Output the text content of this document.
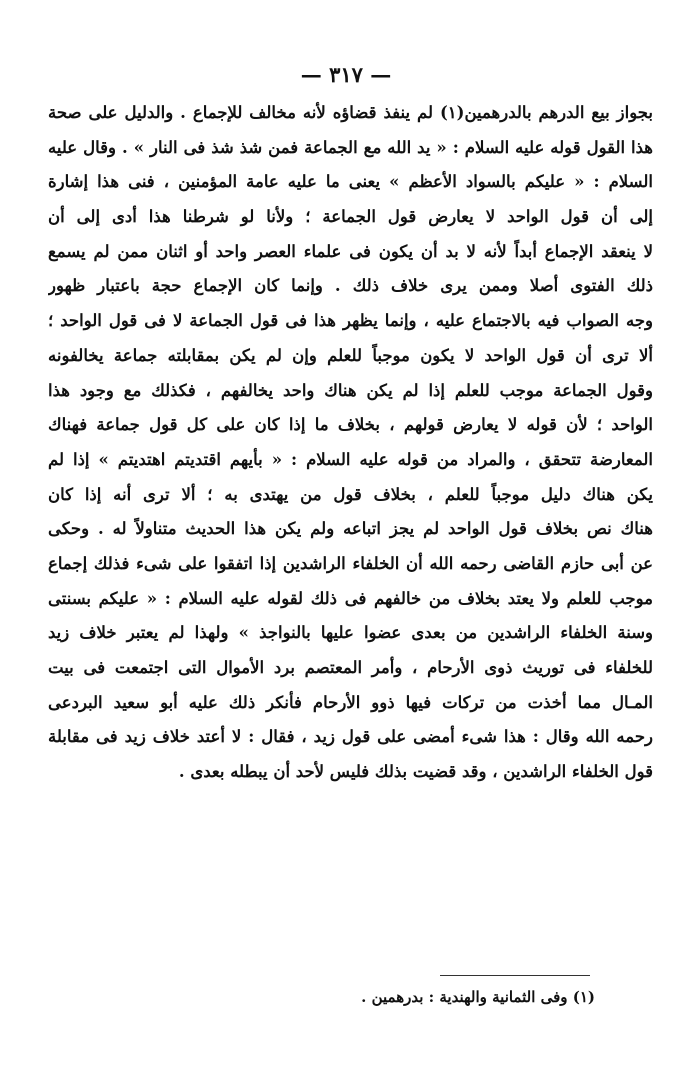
— ٣١٧ —
بجواز بيع الدرهم بالدرهمين(١) لم ينفذ قضاؤه لأنه مخالف للإجماع . والدليل على صحة
هذا القول قوله عليه السلام : « يد الله مع الجماعة فمن شذ شذ فى النار » . وقال عليه
السلام : « عليكم بالسواد الأعظم » يعنى ما عليه عامة المؤمنين ، فنى هذا إشارة
إلى أن قول الواحد لا يعارض قول الجماعة ؛ ولأنا لو شرطنا هذا أدى إلى أن
لا ينعقد الإجماع أبداً لأنه لا بد أن يكون فى علماء العصر واحد أو اثنان ممن لم يسمع
ذلك الفتوى أصلا وممن يرى خلاف ذلك . وإنما كان الإجماع حجة باعتبار ظهور
وجه الصواب فيه بالاجتماع عليه ، وإنما يظهر هذا فى قول الجماعة لا فى قول الواحد ؛
ألا ترى أن قول الواحد لا يكون موجباً للعلم وإن لم يكن بمقابلته جماعة يخالفونه
وقول الجماعة موجب للعلم إذا لم يكن هناك واحد يخالفهم ، فكذلك مع وجود هذا
الواحد ؛ لأن قوله لا يعارض قولهم ، بخلاف ما إذا كان على كل قول جماعة فهناك
المعارضة تتحقق ، والمراد من قوله عليه السلام : « بأيهم اقتديتم اهتديتم » إذا لم
يكن هناك دليل موجباً للعلم ، بخلاف قول من يهتدى به ؛ ألا ترى أنه إذا كان
هناك نص بخلاف قول الواحد لم يجز اتباعه ولم يكن هذا الحديث متناولاً له . وحكى
عن أبى حازم القاضى رحمه الله أن الخلفاء الراشدين إذا اتفقوا على شىء فذلك إجماع
موجب للعلم ولا يعتد بخلاف من خالفهم فى ذلك لقوله عليه السلام : « عليكم بسنتى
وسنة الخلفاء الراشدين من بعدى عضوا عليها بالنواجذ » ولهذا لم يعتبر خلاف زيد
للخلفاء فى توريث ذوى الأرحام ، وأمر المعتصم برد الأموال التى اجتمعت فى بيت
المـال مما أخذت من تركات فيها ذوو الأرحام فأنكر ذلك عليه أبو سعيد البردعى
رحمه الله وقال : هذا شىء أمضى على قول زيد ، فقال : لا أعتد خلاف زيد فى مقابلة
قول الخلفاء الراشدين ، وقد قضيت بذلك فليس لأحد أن يبطله بعدى .
(١) وفى الثمانية والهندية : بدرهمين .
